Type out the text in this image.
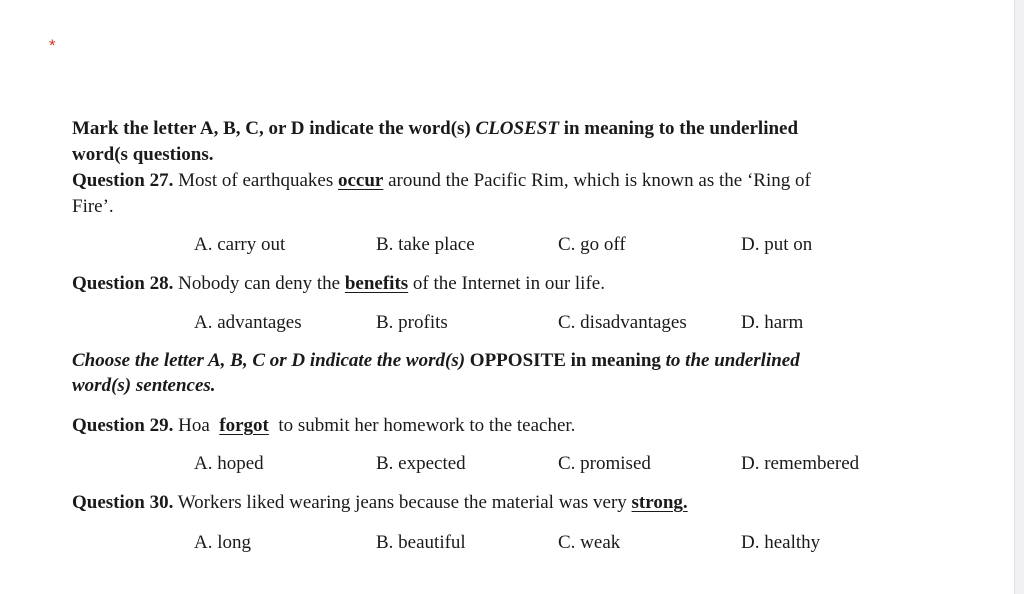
*
Mark the letter A, B, C, or D indicate the word(s) CLOSEST in meaning to the underlined
word(s questions.
Question 27. Most of earthquakes occur around the Pacific Rim, which is known as the ‘Ring of
Fire’.
A. carry out	B. take place	C. go off	D. put on
Question 28. Nobody can deny the benefits of the Internet in our life.
A. advantages	B. profits	C. disadvantages	D. harm
Choose the letter A, B, C or D indicate the word(s) OPPOSITE in meaning to the underlined
word(s) sentences.
Question 29. Hoa  forgot  to submit her homework to the teacher.
A. hoped	B. expected	C. promised	D. remembered
Question 30. Workers liked wearing jeans because the material was very strong.
A. long	B. beautiful	C. weak	D. healthy
